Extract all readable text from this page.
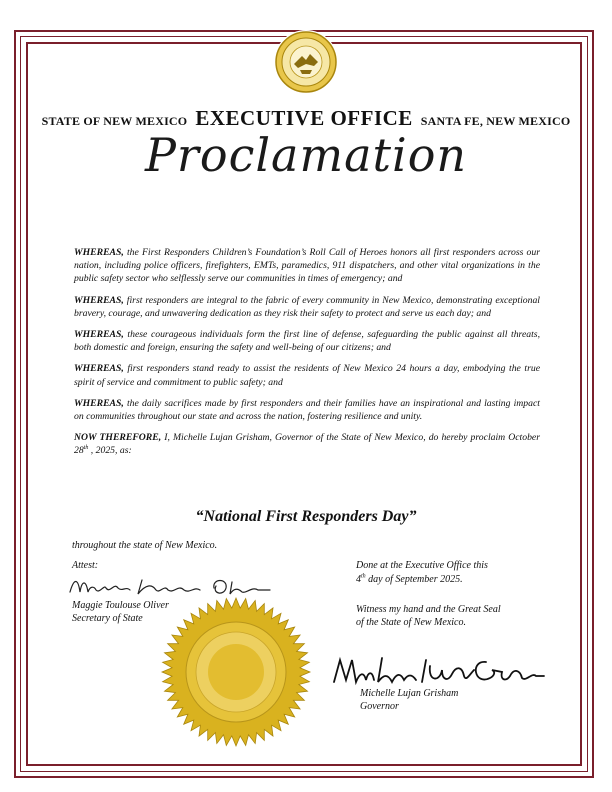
STATE OF NEW MEXICO EXECUTIVE OFFICE SANTA FE, NEW MEXICO
Proclamation

WHEREAS, the First Responders Children’s Foundation’s Roll Call of Heroes honors all first responders across our nation, including police officers, firefighters, EMTs, paramedics, 911 dispatchers, and other vital organizations in the public safety sector who selflessly serve our communities in times of emergency; and

WHEREAS, first responders are integral to the fabric of every community in New Mexico, demonstrating exceptional bravery, courage, and unwavering dedication as they risk their safety to protect and serve us each day; and

WHEREAS, these courageous individuals form the first line of defense, safeguarding the public against all threats, both domestic and foreign, ensuring the safety and well-being of our citizens; and

WHEREAS, first responders stand ready to assist the residents of New Mexico 24 hours a day, embodying the true spirit of service and commitment to public safety; and

WHEREAS, the daily sacrifices made by first responders and their families have an inspirational and lasting impact on communities throughout our state and across the nation, fostering resilience and unity.

NOW THEREFORE, I, Michelle Lujan Grisham, Governor of the State of New Mexico, do hereby proclaim October 28th , 2025, as:

“National First Responders Day”
throughout the state of New Mexico.
Attest:
Maggie Toulouse Oliver
Secretary of State
Done at the Executive Office this
4th day of September 2025.
Witness my hand and the Great Seal
of the State of New Mexico.
Michelle Lujan Grisham
Governor
